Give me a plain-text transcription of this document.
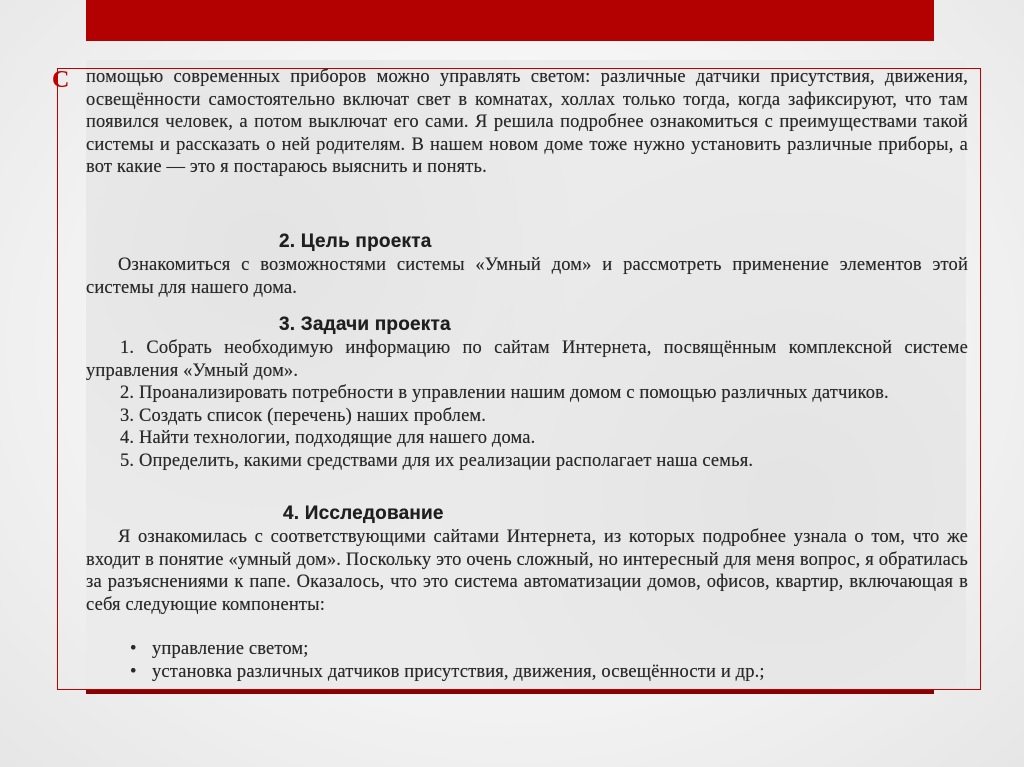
С помощью современных приборов можно управлять светом: различные датчики присутствия, движения, освещённости самостоятельно включат свет в комнатах, холлах только тогда, когда зафиксируют, что там появился человек, а потом выключат его сами. Я решила подробнее ознакомиться с преимуществами такой системы и рассказать о ней родителям. В нашем новом доме тоже нужно установить различные приборы, а вот какие — это я постараюсь выяснить и понять.
2. Цель проекта
Ознакомиться с возможностями системы «Умный дом» и рассмотреть применение элементов этой системы для нашего дома.
3. Задачи проекта
1. Собрать необходимую информацию по сайтам Интернета, посвящённым комплексной системе управления «Умный дом».
2. Проанализировать потребности в управлении нашим домом с помощью различных датчиков.
3. Создать список (перечень) наших проблем.
4. Найти технологии, подходящие для нашего дома.
5. Определить, какими средствами для их реализации располагает наша семья.
4. Исследование
Я ознакомилась с соответствующими сайтами Интернета, из которых подробнее узнала о том, что же входит в понятие «умный дом». Поскольку это очень сложный, но интересный для меня вопрос, я обратилась за разъяснениями к папе. Оказалось, что это система автоматизации домов, офисов, квартир, включающая в себя следующие компоненты:
• управление светом;
• установка различных датчиков присутствия, движения, освещённости и др.;
